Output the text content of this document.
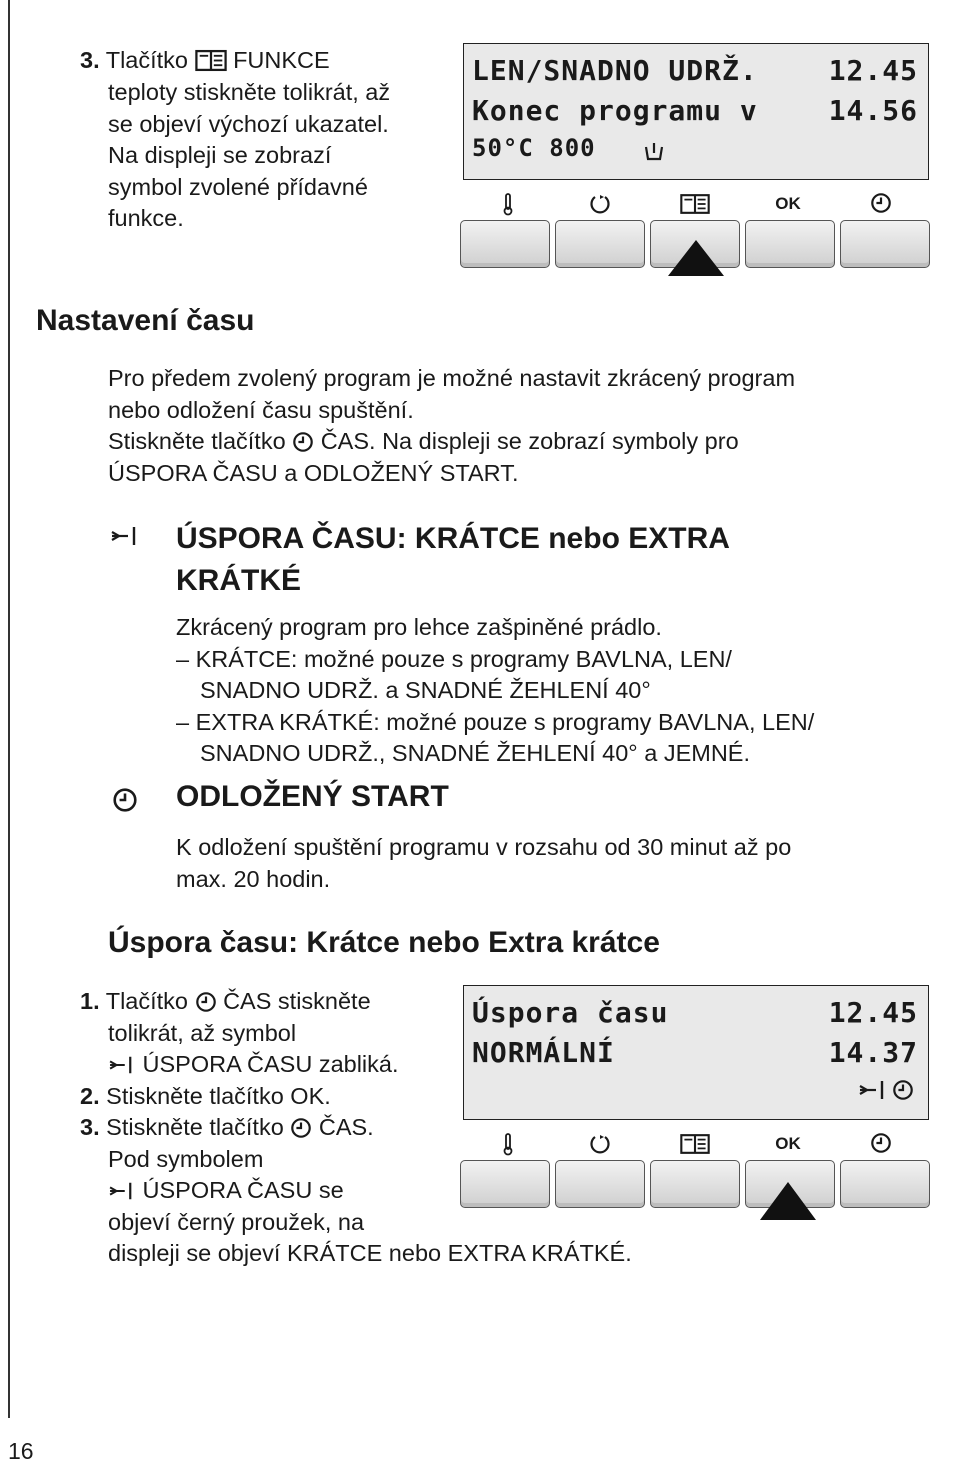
3. Tlačítko FUNKCE
teploty stiskněte tolikrát, až
se objeví výchozí ukazatel.
Na displeji se zobrazí
symbol zvolené přídavné
funkce.
LEN/SNADNO UDRŽ.	12.45
Konec programu v	14.56
50°C 800
OK
Nastavení času
Pro předem zvolený program je možné nastavit zkrácený program
nebo odložení času spuštění.
Stiskněte tlačítko ČAS. Na displeji se zobrazí symboly pro
ÚSPORA ČASU a ODLOŽENÝ START.
ÚSPORA ČASU: KRÁTCE nebo EXTRA
KRÁTKÉ
Zkrácený program pro lehce zašpiněné prádlo.
– KRÁTCE: možné pouze s programy BAVLNA, LEN/
SNADNO UDRŽ. a SNADNÉ ŽEHLENÍ 40°
– EXTRA KRÁTKÉ: možné pouze s programy BAVLNA, LEN/
SNADNO UDRŽ., SNADNÉ ŽEHLENÍ 40° a JEMNÉ.
ODLOŽENÝ START
K odložení spuštění programu v rozsahu od 30 minut až po
max. 20 hodin.
Úspora času: Krátce nebo Extra krátce
1. Tlačítko ČAS stiskněte
tolikrát, až symbol
ÚSPORA ČASU zabliká.
2. Stiskněte tlačítko OK.
3. Stiskněte tlačítko ČAS.
Pod symbolem
ÚSPORA ČASU se
objeví černý proužek, na
displeji se objeví KRÁTCE nebo EXTRA KRÁTKÉ.
Úspora času	12.45
NORMÁLNÍ	14.37
OK
16
